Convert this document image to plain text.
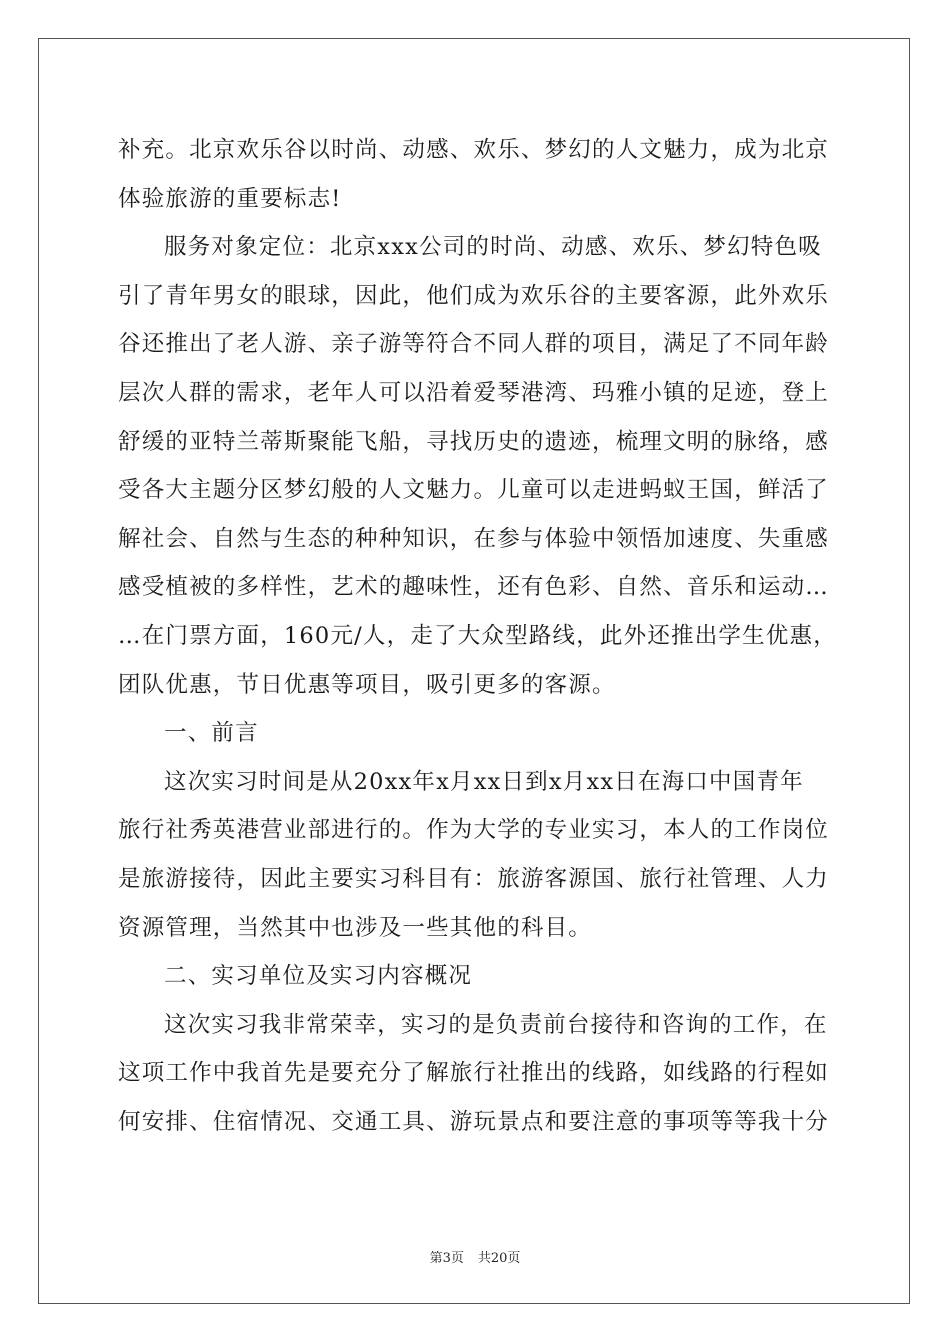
补充。北京欢乐谷以时尚、动感、欢乐、梦幻的人文魅力，成为北京
体验旅游的重要标志!
服务对象定位：北京xxx公司的时尚、动感、欢乐、梦幻特色吸
引了青年男女的眼球，因此，他们成为欢乐谷的主要客源，此外欢乐
谷还推出了老人游、亲子游等符合不同人群的项目，满足了不同年龄
层次人群的需求，老年人可以沿着爱琴港湾、玛雅小镇的足迹，登上
舒缓的亚特兰蒂斯聚能飞船，寻找历史的遗迹，梳理文明的脉络，感
受各大主题分区梦幻般的人文魅力。儿童可以走进蚂蚁王国，鲜活了
解社会、自然与生态的种种知识，在参与体验中领悟加速度、失重感
感受植被的多样性，艺术的趣味性，还有色彩、自然、音乐和运动…
…在门票方面，160元/人，走了大众型路线，此外还推出学生优惠，
团队优惠，节日优惠等项目，吸引更多的客源。
一、前言
这次实习时间是从20xx年x月xx日到x月xx日在海口中国青年
旅行社秀英港营业部进行的。作为大学的专业实习，本人的工作岗位
是旅游接待，因此主要实习科目有：旅游客源国、旅行社管理、人力
资源管理，当然其中也涉及一些其他的科目。
二、实习单位及实习内容概况
这次实习我非常荣幸，实习的是负责前台接待和咨询的工作，在
这项工作中我首先是要充分了解旅行社推出的线路，如线路的行程如
何安排、住宿情况、交通工具、游玩景点和要注意的事项等等我十分
第3页 共20页
